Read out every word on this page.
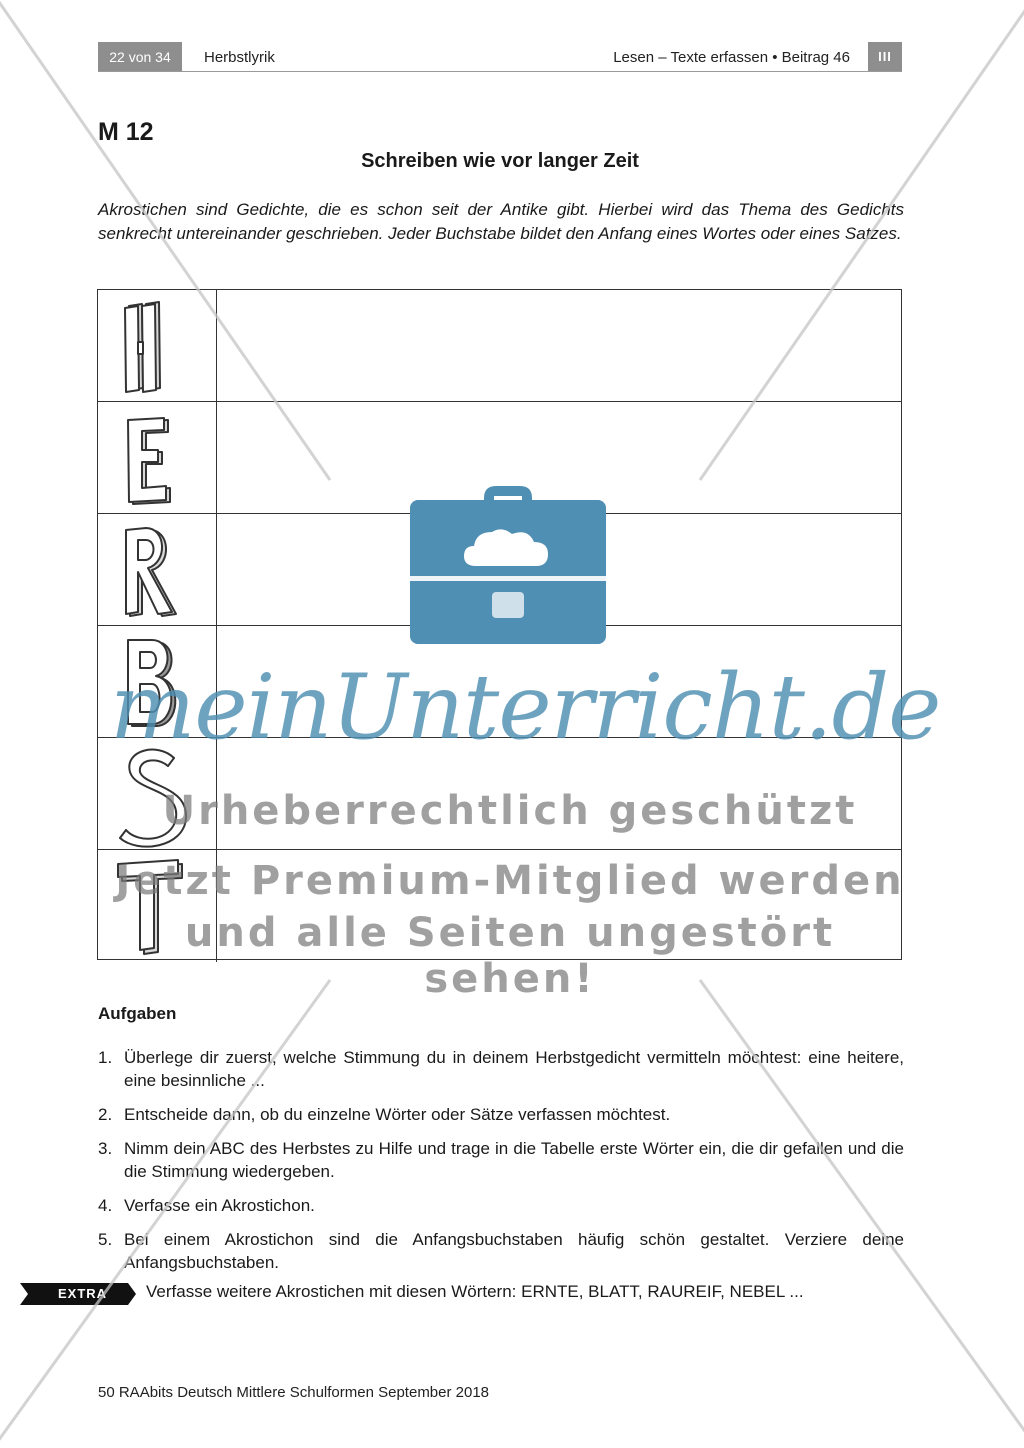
22 von 34	Herbstlyrik	Lesen – Texte erfassen • Beitrag 46	III
M 12
Schreiben wie vor langer Zeit
Akrostichen sind Gedichte, die es schon seit der Antike gibt. Hierbei wird das Thema des Gedichts senkrecht untereinander geschrieben. Jeder Buchstabe bildet den Anfang eines Wortes oder eines Satzes.
Aufgaben
1. Überlege dir zuerst, welche Stimmung du in deinem Herbstgedicht vermitteln möchtest: eine heitere, eine besinnliche ...
2. Entscheide dann, ob du einzelne Wörter oder Sätze verfassen möchtest.
3. Nimm dein ABC des Herbstes zu Hilfe und trage in die Tabelle erste Wörter ein, die dir gefallen und die die Stimmung wiedergeben.
4. Verfasse ein Akrostichon.
5. Bei einem Akrostichon sind die Anfangsbuchstaben häufig schön gestaltet. Verziere deine Anfangsbuchstaben.
EXTRA Verfasse weitere Akrostichen mit diesen Wörtern: ERNTE, BLATT, RAUREIF, NEBEL ...
50 RAAbits Deutsch Mittlere Schulformen September 2018
meinUnterricht.de
Urheberrechtlich geschützt
Jetzt Premium-Mitglied werden
und alle Seiten ungestört sehen!
